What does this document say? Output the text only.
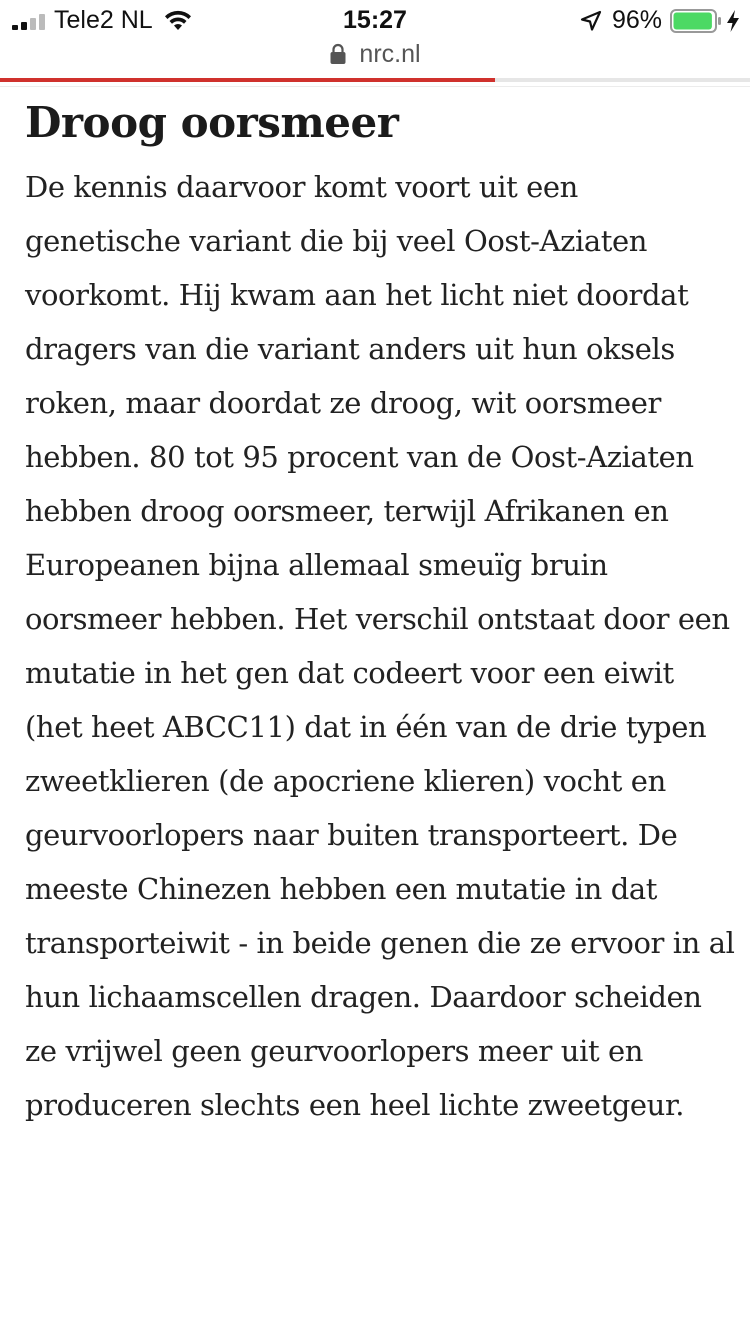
Tele2 NL	15:27	96%
nrc.nl
Droog oorsmeer

De kennis daarvoor komt voort uit een genetische variant die bij veel Oost-Aziaten voorkomt. Hij kwam aan het licht niet doordat dragers van die variant anders uit hun oksels roken, maar doordat ze droog, wit oorsmeer hebben. 80 tot 95 procent van de Oost-Aziaten hebben droog oorsmeer, terwijl Afrikanen en Europeanen bijna allemaal smeuïg bruin oorsmeer hebben. Het verschil ontstaat door een mutatie in het gen dat codeert voor een eiwit (het heet ABCC11) dat in één van de drie typen zweetklieren (de apocriene klieren) vocht en geurvoorlopers naar buiten transporteert. De meeste Chinezen hebben een mutatie in dat transporteiwit - in beide genen die ze ervoor in al hun lichaamscellen dragen. Daardoor scheiden ze vrijwel geen geurvoorlopers meer uit en produceren slechts een heel lichte zweetgeur.
